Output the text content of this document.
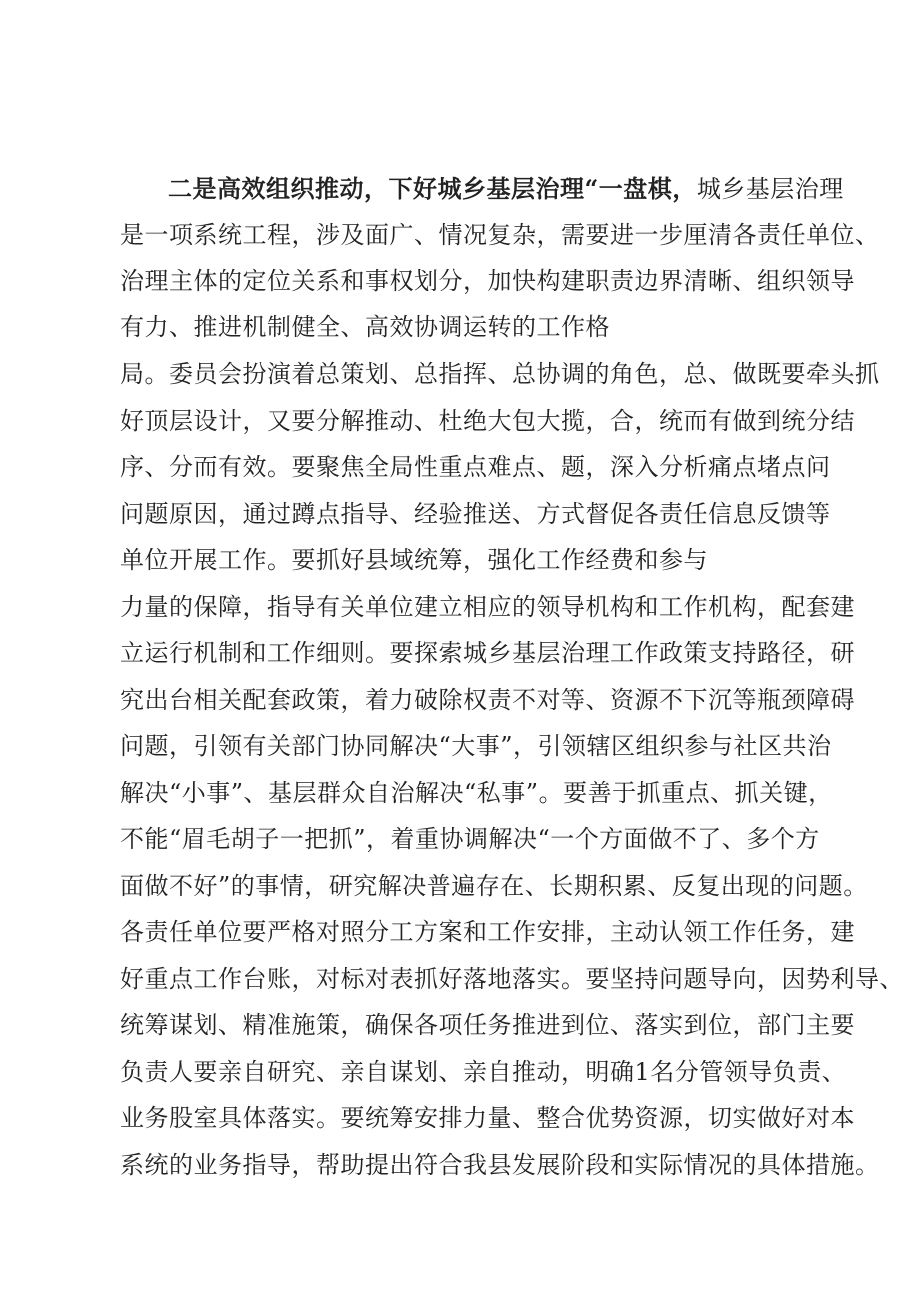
二是高效组织推动，下好城乡基层治理“一盘棋，城乡基层治理
是一项系统工程，涉及面广、情况复杂，需要进一步厘清各责任单位、
治理主体的定位关系和事权划分，加快构建职责边界清晰、组织领导
有力、推进机制健全、高效协调运转的工作格
局。委员会扮演着总策划、总指挥、总协调的角色，总、做既要牵头抓
好顶层设计，又要分解推动、杜绝大包大揽，合，统而有做到统分结
序、分而有效。要聚焦全局性重点难点、题，深入分析痛点堵点问
问题原因，通过蹲点指导、经验推送、方式督促各责任信息反馈等
单位开展工作。要抓好县域统筹，强化工作经费和参与
力量的保障，指导有关单位建立相应的领导机构和工作机构，配套建
立运行机制和工作细则。要探索城乡基层治理工作政策支持路径，研
究出台相关配套政策，着力破除权责不对等、资源不下沉等瓶颈障碍
问题，引领有关部门协同解决“大事”，引领辖区组织参与社区共治
解决“小事”、基层群众自治解决“私事”。要善于抓重点、抓关键，
不能“眉毛胡子一把抓”，着重协调解决“一个方面做不了、多个方
面做不好”的事情，研究解决普遍存在、长期积累、反复出现的问题。
各责任单位要严格对照分工方案和工作安排，主动认领工作任务，建
好重点工作台账，对标对表抓好落地落实。要坚持问题导向，因势利导、
统筹谋划、精准施策，确保各项任务推进到位、落实到位，部门主要
负责人要亲自研究、亲自谋划、亲自推动，明确1名分管领导负责、
业务股室具体落实。要统筹安排力量、整合优势资源，切实做好对本
系统的业务指导，帮助提出符合我县发展阶段和实际情况的具体措施。
